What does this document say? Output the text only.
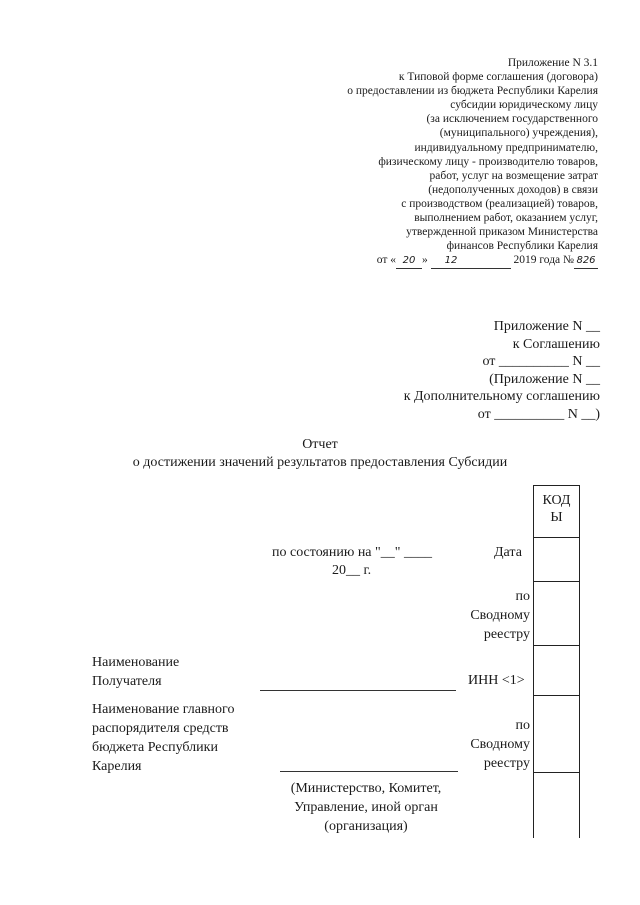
Приложение N 3.1
к Типовой форме соглашения (договора)
о предоставлении из бюджета Республики Карелия
субсидии юридическому лицу
(за исключением государственного
(муниципального) учреждения),
индивидуальному предпринимателю,
физическому лицу - производителю товаров,
работ, услуг на возмещение затрат
(недополученных доходов) в связи
с производством (реализацией) товаров,
выполнением работ, оказанием услуг,
утвержденной приказом Министерства
финансов Республики Карелия
от « 20 » 12	2019 года № 826
Приложение N __
к Соглашению
от __________ N __
(Приложение N __
к Дополнительному соглашению
от __________ N __)
Отчет
о достижении значений результатов предоставления Субсидии
КОД
Ы
по состоянию на "__" ____
20__ г.
Дата
по
Сводному
реестру
Наименование
Получателя	ИНН <1>
Наименование главного
распорядителя средств
бюджета Республики
Карелия
по
Сводному
реестру
(Министерство, Комитет,
Управление, иной орган
(организация)
